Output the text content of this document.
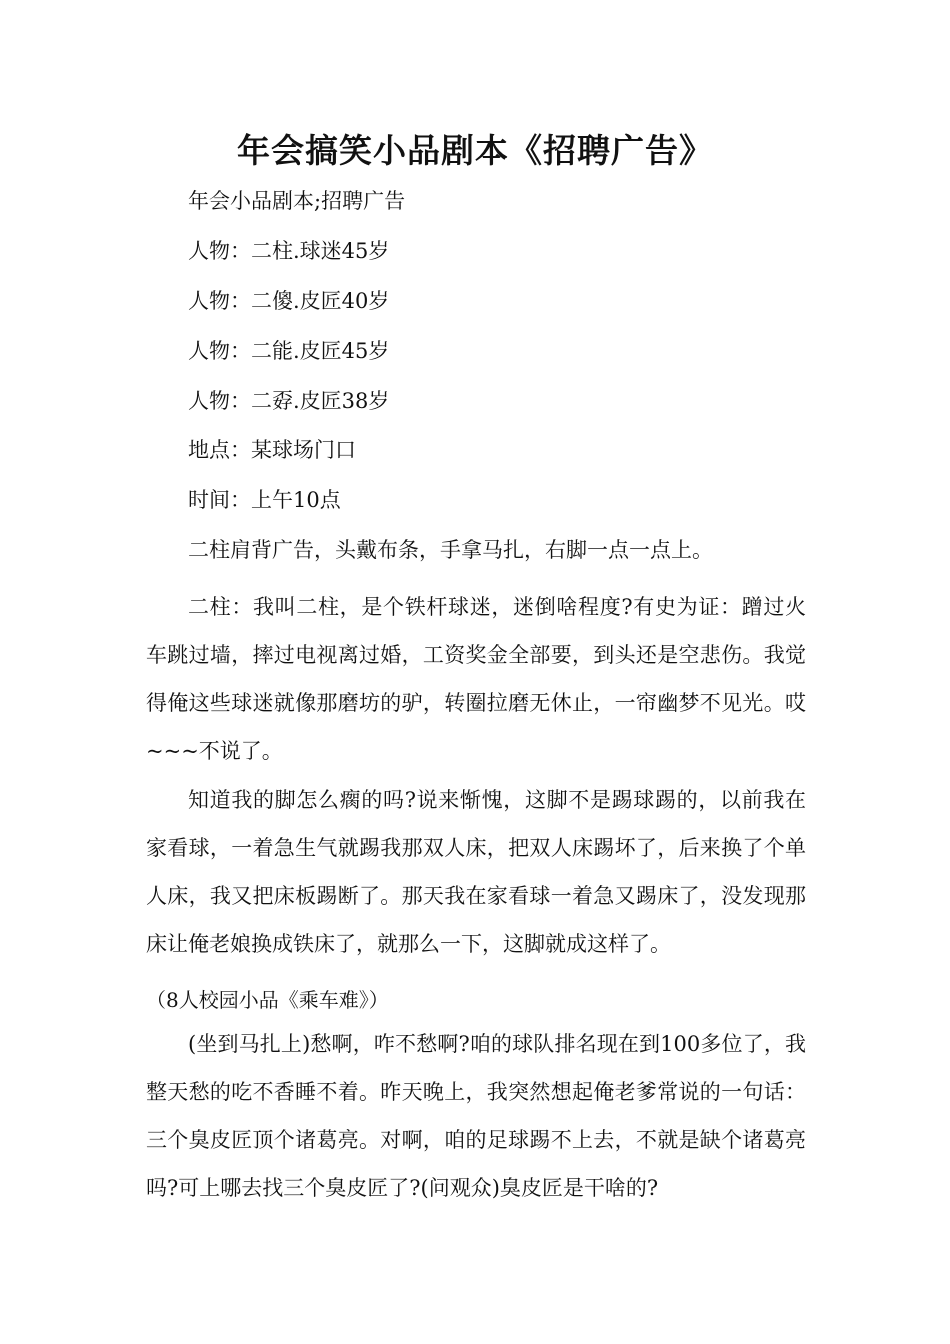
年会搞笑小品剧本《招聘广告》
年会小品剧本;招聘广告
人物：二柱.球迷45岁
人物：二傻.皮匠40岁
人物：二能.皮匠45岁
人物：二孬.皮匠38岁
地点：某球场门口
时间：上午10点
二柱肩背广告，头戴布条，手拿马扎，右脚一点一点上。

二柱：我叫二柱，是个铁杆球迷，迷倒啥程度?有史为证：蹭过火车跳过墙，摔过电视离过婚，工资奖金全部要，到头还是空悲伤。我觉得俺这些球迷就像那磨坊的驴，转圈拉磨无休止，一帘幽梦不见光。哎~~~不说了。

知道我的脚怎么瘸的吗?说来惭愧，这脚不是踢球踢的，以前我在家看球，一着急生气就踢我那双人床，把双人床踢坏了，后来换了个单人床，我又把床板踢断了。那天我在家看球一着急又踢床了，没发现那床让俺老娘换成铁床了，就那么一下，这脚就成这样了。

（8人校园小品《乘车难》）

(坐到马扎上)愁啊，咋不愁啊?咱的球队排名现在到100多位了，我整天愁的吃不香睡不着。昨天晚上，我突然想起俺老爹常说的一句话：三个臭皮匠顶个诸葛亮。对啊，咱的足球踢不上去，不就是缺个诸葛亮吗?可上哪去找三个臭皮匠了?(问观众)臭皮匠是干啥的?
